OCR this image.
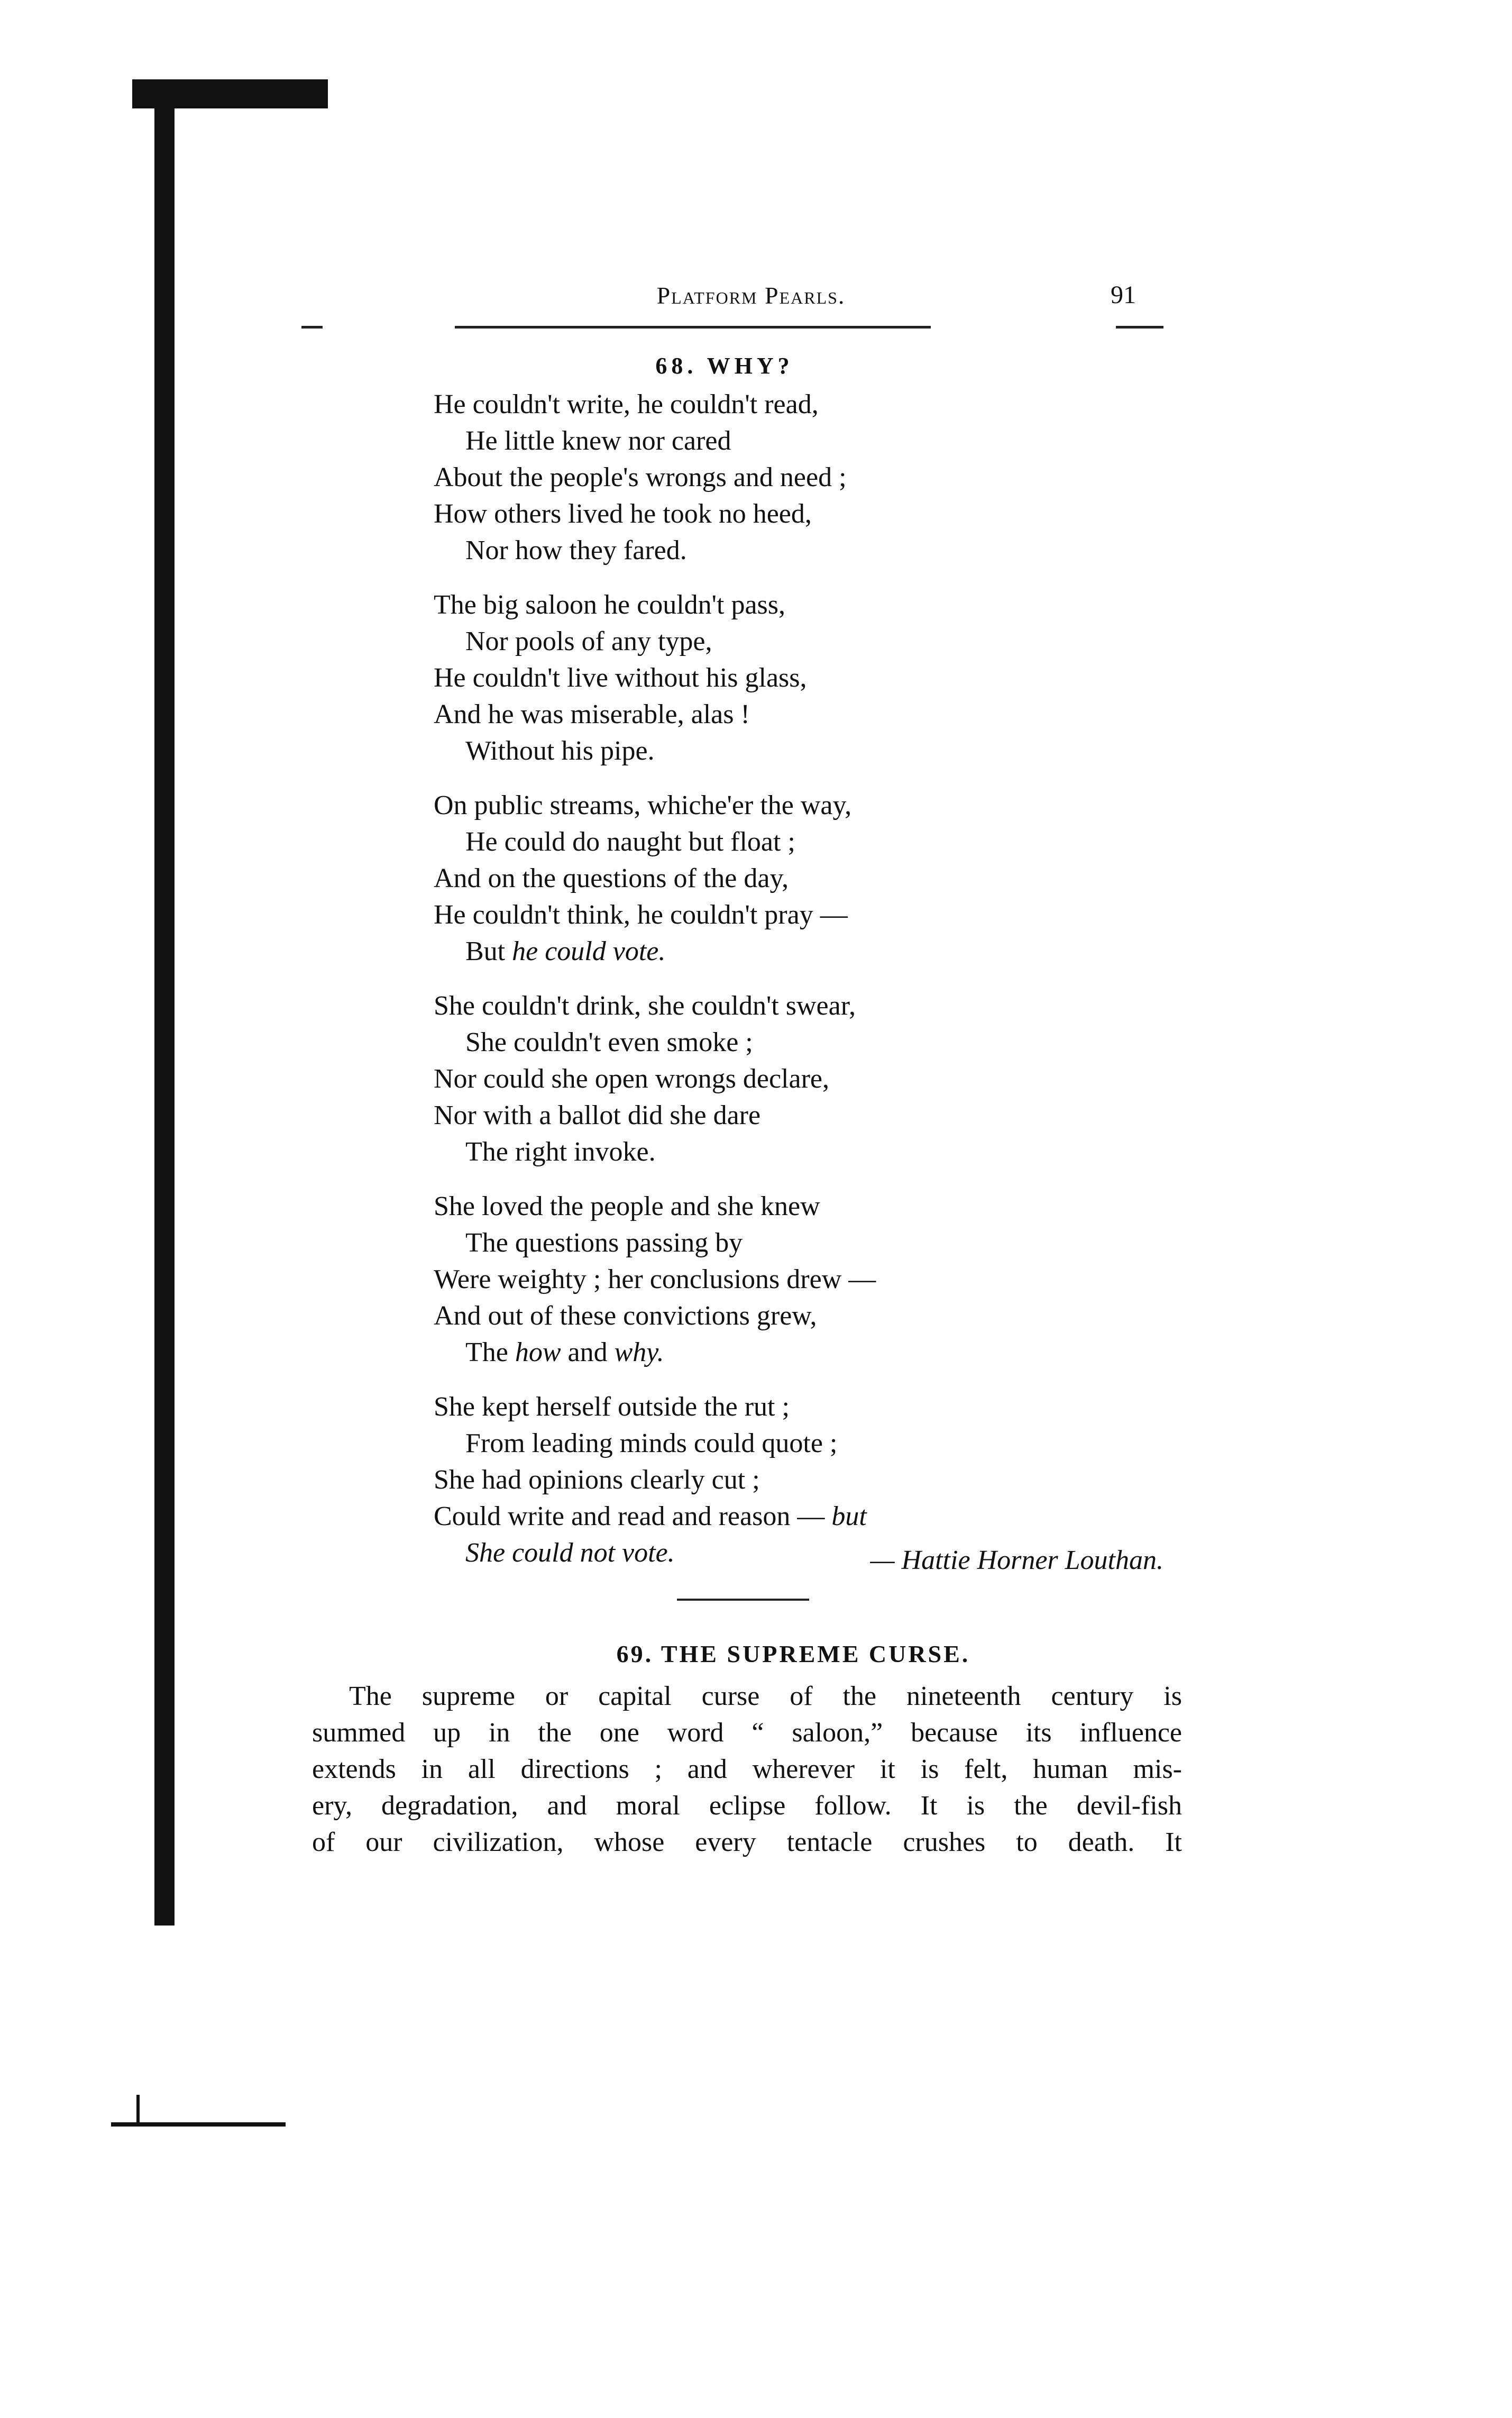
Platform Pearls.	91
68. WHY?
He couldn't write, he couldn't read,
He little knew nor cared
About the people's wrongs and need ;
How others lived he took no heed,
Nor how they fared.
The big saloon he couldn't pass,
Nor pools of any type,
He couldn't live without his glass,
And he was miserable, alas !
Without his pipe.
On public streams, whiche'er the way,
He could do naught but float ;
And on the questions of the day,
He couldn't think, he couldn't pray —
But he could vote.
She couldn't drink, she couldn't swear,
She couldn't even smoke ;
Nor could she open wrongs declare,
Nor with a ballot did she dare
The right invoke.
She loved the people and she knew
The questions passing by
Were weighty ; her conclusions drew —
And out of these convictions grew,
The how and why.
She kept herself outside the rut ;
From leading minds could quote ;
She had opinions clearly cut ;
Could write and read and reason — but
She could not vote.	— Hattie Horner Louthan.
69. THE SUPREME CURSE.
The supreme or capital curse of the nineteenth century is
summed up in the one word “ saloon,” because its influence
extends in all directions ; and wherever it is felt, human mis-
ery, degradation, and moral eclipse follow. It is the devil-fish
of our civilization, whose every tentacle crushes to death. It
